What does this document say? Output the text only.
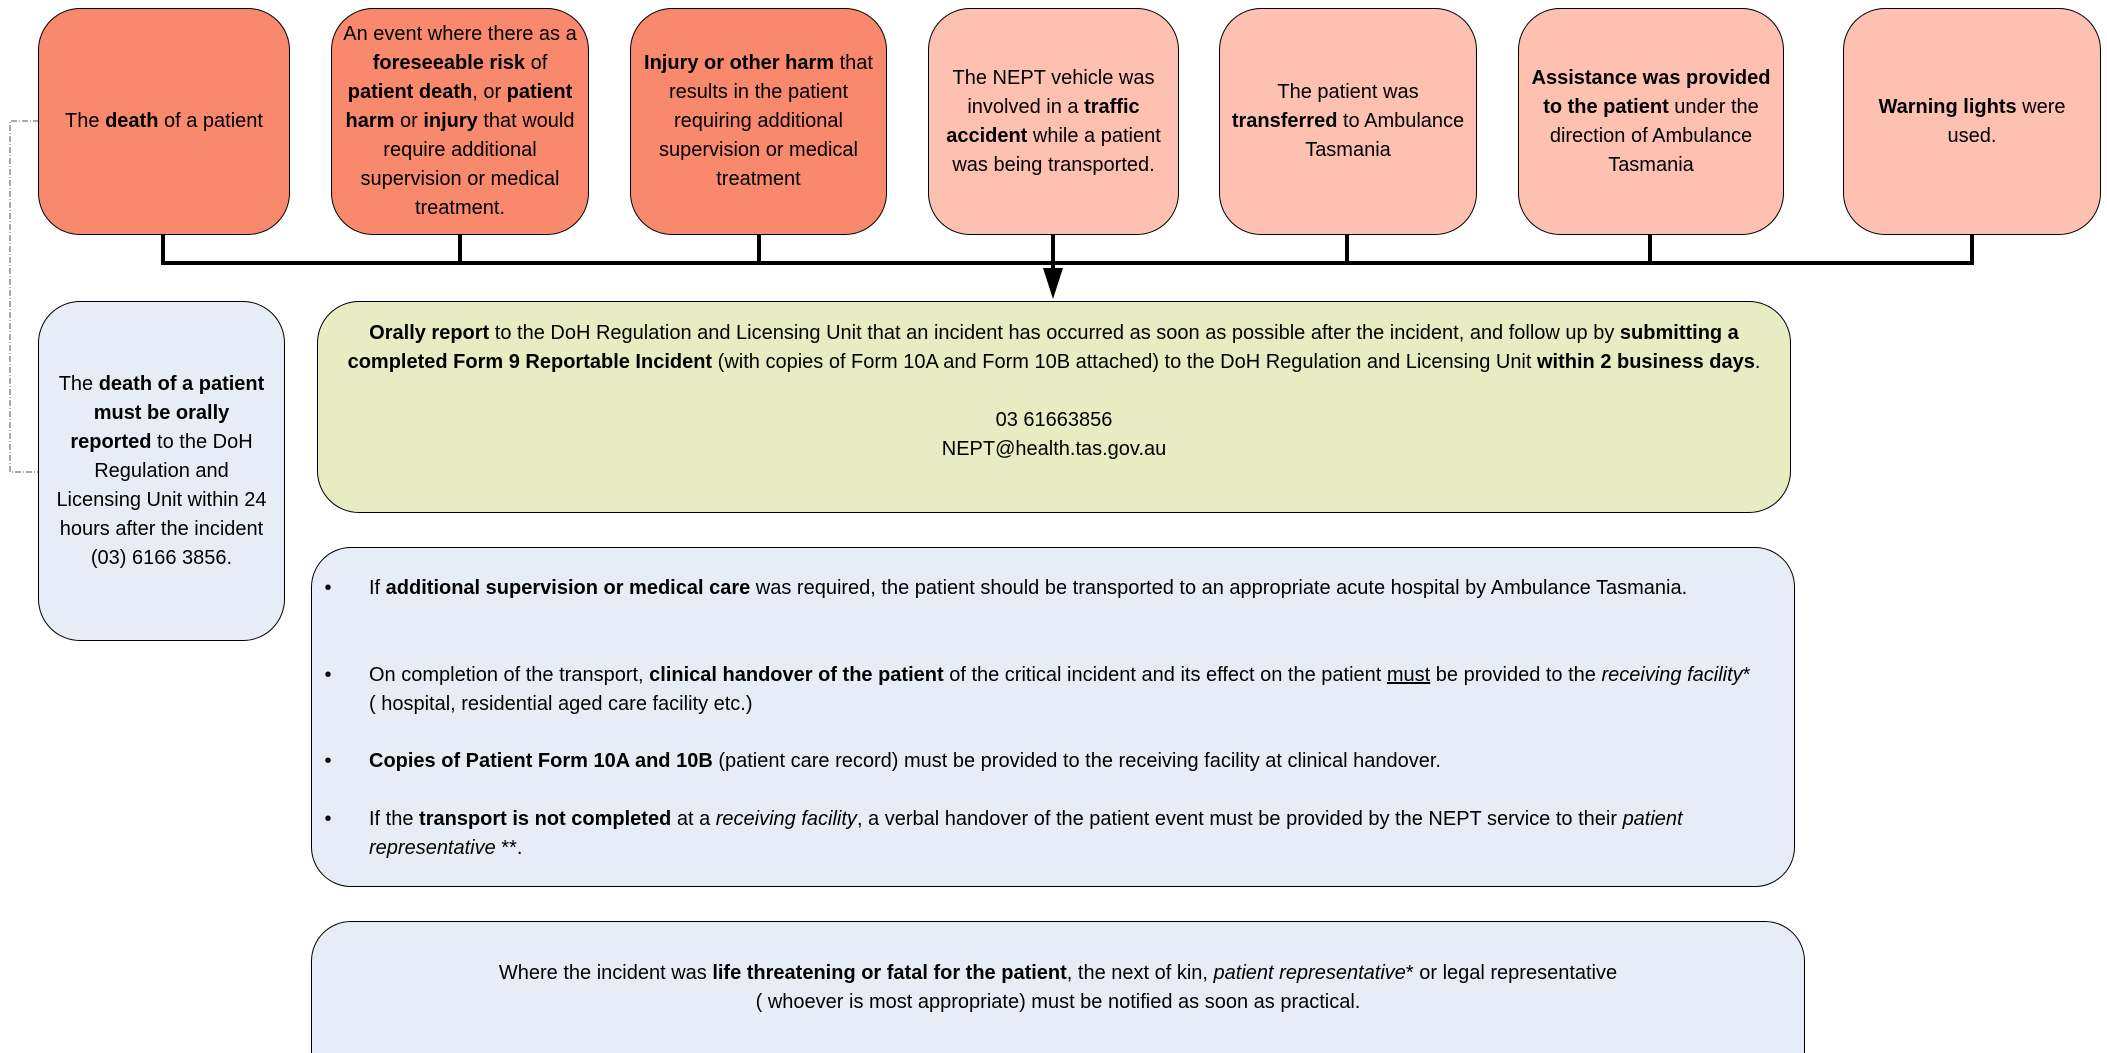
The death of a patient
An event where there as a foreseeable risk of patient death, or patient harm or injury that would require additional supervision or medical treatment.
Injury or other harm that results in the patient requiring additional supervision or medical treatment
The NEPT vehicle was involved in a traffic accident while a patient was being transported.
The patient was transferred to Ambulance Tasmania
Assistance was provided to the patient under the direction of Ambulance Tasmania
Warning lights were used.
The death of a patient must be orally reported to the DoH Regulation and Licensing Unit within 24 hours after the incident
(03) 6166 3856.
Orally report to the DoH Regulation and Licensing Unit that an incident has occurred as soon as possible after the incident, and follow up by submitting a completed Form 9 Reportable Incident (with copies of Form 10A and Form 10B attached) to the DoH Regulation and Licensing Unit within 2 business days.
03 61663856
NEPT@health.tas.gov.au
• If additional supervision or medical care was required, the patient should be transported to an appropriate acute hospital by Ambulance Tasmania.
• On completion of the transport, clinical handover of the patient of the critical incident and its effect on the patient must be provided to the receiving facility* ( hospital, residential aged care facility etc.)
• Copies of Patient Form 10A and 10B (patient care record) must be provided to the receiving facility at clinical handover.
• If the transport is not completed at a receiving facility, a verbal handover of the patient event must be provided by the NEPT service to their patient representative **.
Where the incident was life threatening or fatal for the patient, the next of kin, patient representative* or legal representative
( whoever is most appropriate) must be notified as soon as practical.
